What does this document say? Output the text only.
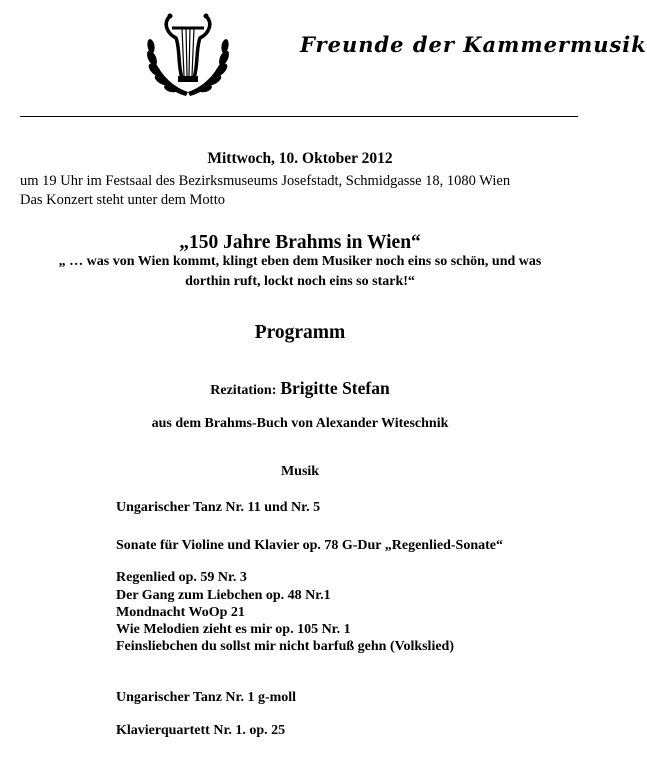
Freunde der Kammermusik
Mittwoch, 10. Oktober 2012
um 19 Uhr im Festsaal des Bezirksmuseums Josefstadt, Schmidgasse 18, 1080 Wien
Das Konzert steht unter dem Motto
„150 Jahre Brahms in Wien“
„ … was von Wien kommt, klingt eben dem Musiker noch eins so schön, und was
dorthin ruft, lockt noch eins so stark!“
Programm
Rezitation: Brigitte Stefan
aus dem Brahms-Buch von Alexander Witeschnik
Musik
Ungarischer Tanz Nr. 11 und Nr. 5
Sonate für Violine und Klavier op. 78 G-Dur „Regenlied-Sonate“
Regenlied op. 59 Nr. 3
Der Gang zum Liebchen op. 48 Nr.1
Mondnacht WoOp 21
Wie Melodien zieht es mir op. 105 Nr. 1
Feinsliebchen du sollst mir nicht barfuß gehn (Volkslied)
Ungarischer Tanz Nr. 1 g-moll
Klavierquartett Nr. 1. op. 25
